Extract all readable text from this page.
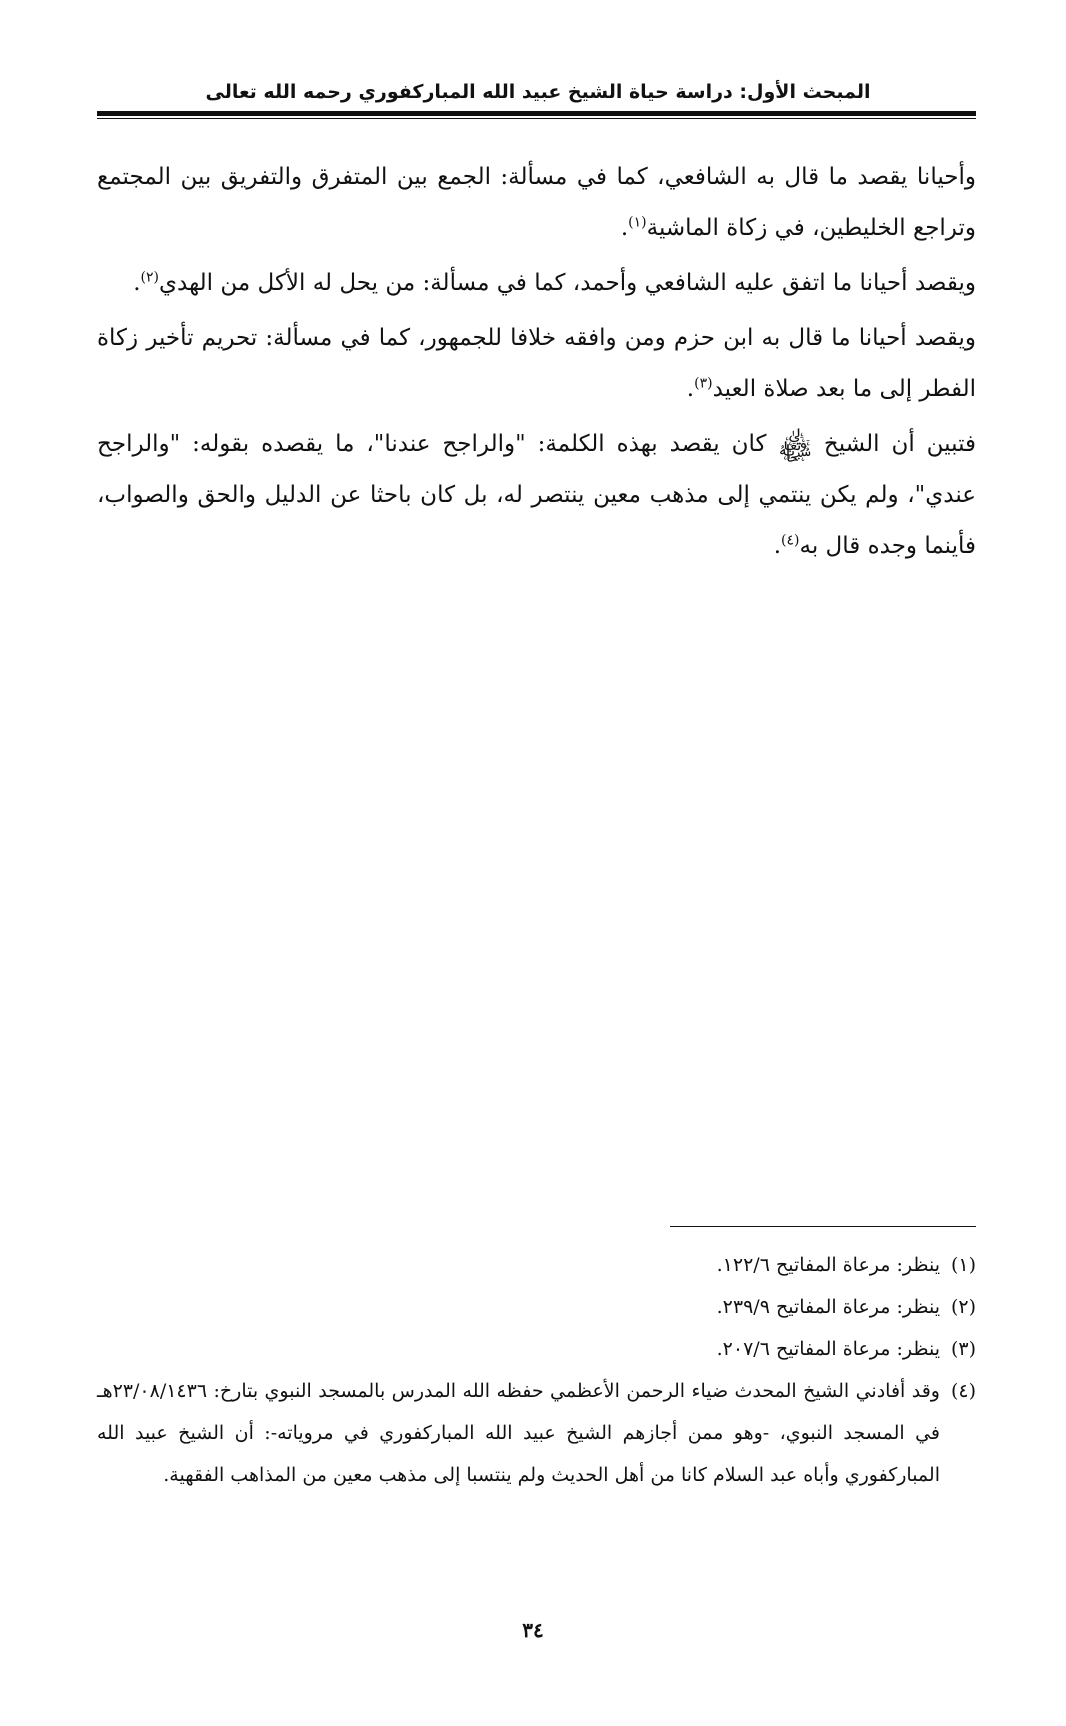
المبحث الأول: دراسة حياة الشيخ عبيد الله المباركفوري رحمه الله تعالى

وأحيانا يقصد ما قال به الشافعي، كما في مسألة: الجمع بين المتفرق والتفريق بين المجتمع وتراجع الخليطين، في زكاة الماشية$^{(١)}$.

ويقصد أحيانا ما اتفق عليه الشافعي وأحمد، كما في مسألة: من يحل له الأكل من الهدي$^{(٢)}$.

ويقصد أحيانا ما قال به ابن حزم ومن وافقه خلافا للجمهور، كما في مسألة: تحريم تأخير زكاة الفطر إلى ما بعد صلاة العيد$^{(٣)}$.

فتبين أن الشيخ ﷾ كان يقصد بهذه الكلمة: "والراجح عندنا"، ما يقصده بقوله: "والراجح عندي"، ولم يكن ينتمي إلى مذهب معين ينتصر له، بل كان باحثا عن الدليل والحق والصواب، فأينما وجده قال به$^{(٤)}$.

(١)
ينظر: مرعاة المفاتيح ١٢٢/٦.
(٢)
ينظر: مرعاة المفاتيح ٢٣٩/٩.
(٣)
ينظر: مرعاة المفاتيح ٢٠٧/٦.
(٤)
وقد أفادني الشيخ المحدث ضياء الرحمن الأعظمي حفظه الله المدرس بالمسجد النبوي بتارخ: ٢٣/٠٨/١٤٣٦هـ في المسجد النبوي، -وهو ممن أجازهم الشيخ عبيد الله المباركفوري في مروياته-: أن الشيخ عبيد الله المباركفوري وأباه عبد السلام كانا من أهل الحديث ولم ينتسبا إلى مذهب معين من المذاهب الفقهية.
٣٤
